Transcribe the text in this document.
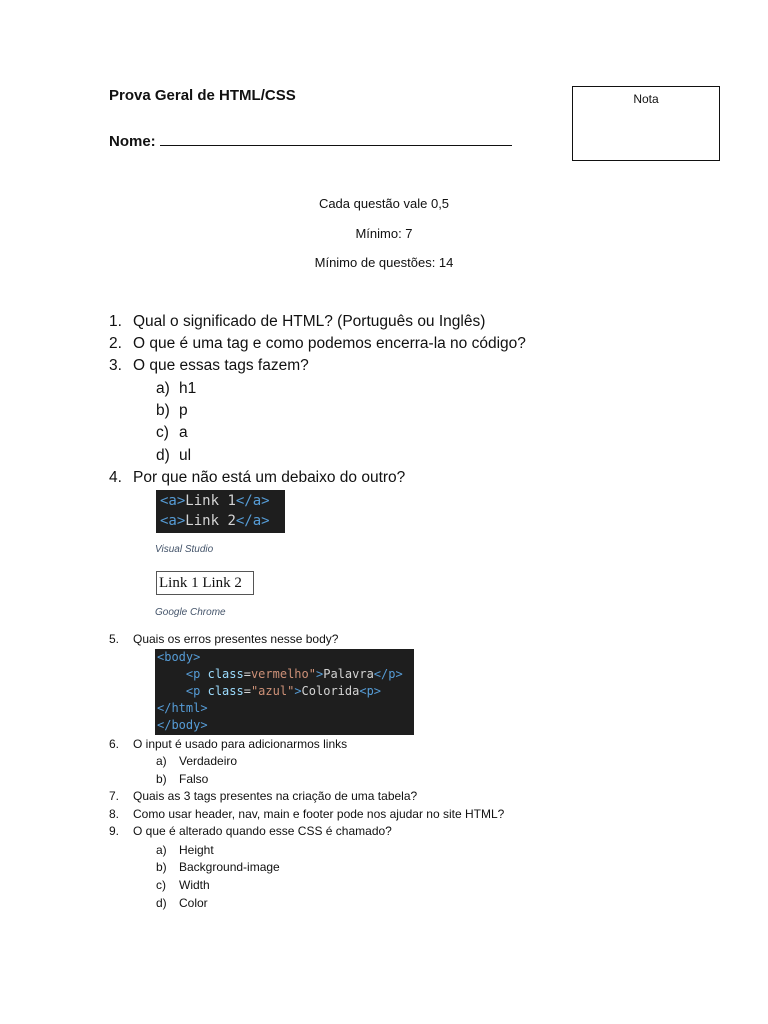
Prova Geral de HTML/CSS
Nome:
Nota
Cada questão vale 0,5
Mínimo: 7
Mínimo de questões: 14
1. Qual o significado de HTML? (Português ou Inglês)
2. O que é uma tag e como podemos encerra-la no código?
3. O que essas tags fazem?
a) h1
b) p
c) a
d) ul
4. Por que não está um debaixo do outro?
<a>Link 1</a>
<a>Link 2</a>
Visual Studio
Link 1 Link 2
Google Chrome
5. Quais os erros presentes nesse body?
<body>
<p class=vermelho">Palavra</p>
<p class="azul">Colorida<p>
</html>
</body>
6. O input é usado para adicionarmos links
a) Verdadeiro
b) Falso
7. Quais as 3 tags presentes na criação de uma tabela?
8. Como usar header, nav, main e footer pode nos ajudar no site HTML?
9. O que é alterado quando esse CSS é chamado?
a) Height
b) Background-image
c) Width
d) Color
